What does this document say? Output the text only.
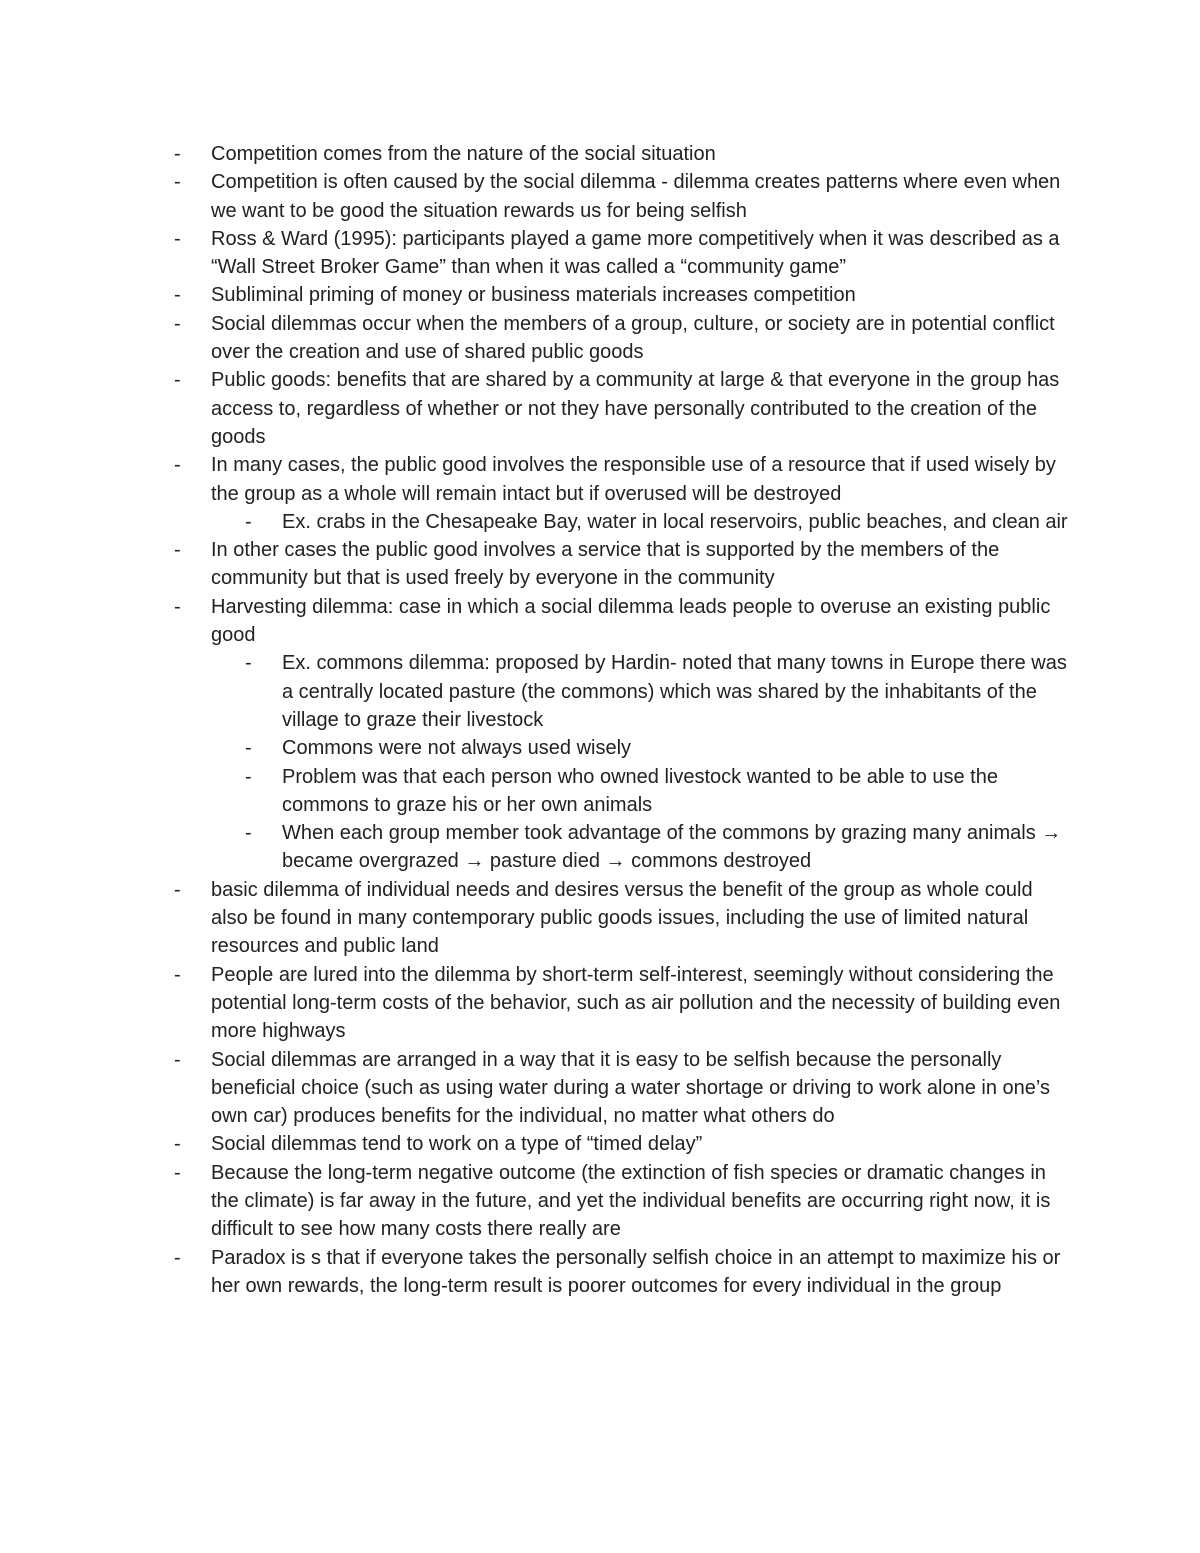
-	Competition comes from the nature of the social situation
-	Competition is often caused by the social dilemma - dilemma creates patterns where even when we want to be good the situation rewards us for being selfish
-	Ross & Ward (1995): participants played a game more competitively when it was described as a “Wall Street Broker Game” than when it was called a “community game”
-	Subliminal priming of money or business materials increases competition
-	Social dilemmas occur when the members of a group, culture, or society are in potential conflict over the creation and use of shared public goods
-	Public goods: benefits that are shared by a community at large & that everyone in the group has access to, regardless of whether or not they have personally contributed to the creation of the goods
-	In many cases, the public good involves the responsible use of a resource that if used wisely by the group as a whole will remain intact but if overused will be destroyed
-	Ex. crabs in the Chesapeake Bay, water in local reservoirs, public beaches, and clean air
-	In other cases the public good involves a service that is supported by the members of the community but that is used freely by everyone in the community
-	Harvesting dilemma: case in which a social dilemma leads people to overuse an existing public good
-	Ex. commons dilemma: proposed by Hardin- noted that many towns in Europe there was a centrally located pasture (the commons) which was shared by the inhabitants of the village to graze their livestock
-	Commons were not always used wisely
-	Problem was that each person who owned livestock wanted to be able to use the commons to graze his or her own animals
-	When each group member took advantage of the commons by grazing many animals → became overgrazed → pasture died → commons destroyed
-	basic dilemma of individual needs and desires versus the benefit of the group as whole could also be found in many contemporary public goods issues, including the use of limited natural resources and public land
-	People are lured into the dilemma by short-term self-interest, seemingly without considering the potential long-term costs of the behavior, such as air pollution and the necessity of building even more highways
-	Social dilemmas are arranged in a way that it is easy to be selfish because the personally beneficial choice (such as using water during a water shortage or driving to work alone in one’s own car) produces benefits for the individual, no matter what others do
-	Social dilemmas tend to work on a type of “timed delay”
-	Because the long-term negative outcome (the extinction of fish species or dramatic changes in the climate) is far away in the future, and yet the individual benefits are occurring right now, it is difficult to see how many costs there really are
-	Paradox is s that if everyone takes the personally selfish choice in an attempt to maximize his or her own rewards, the long-term result is poorer outcomes for every individual in the group
